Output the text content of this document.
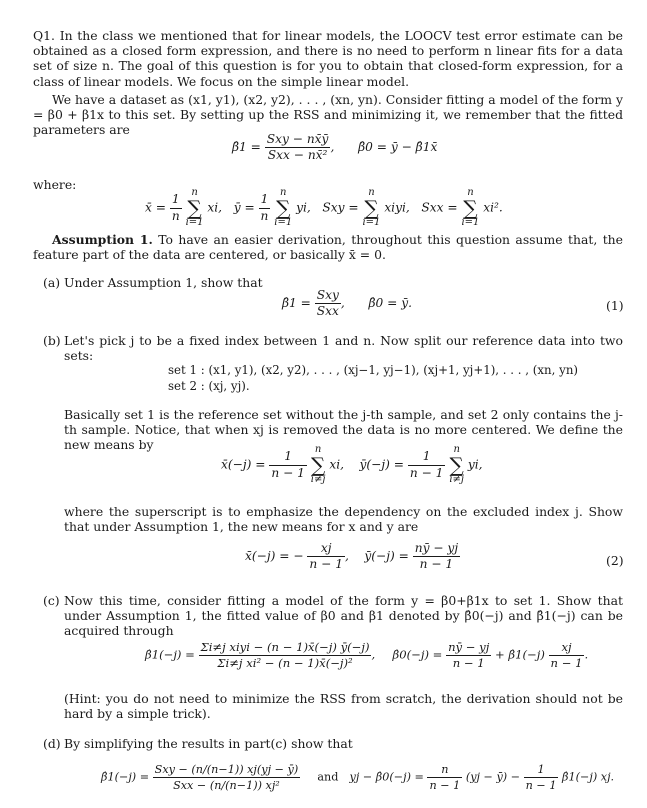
Q1. In the class we mentioned that for linear models, the LOOCV test error estimate can be obtained as a closed form expression, and there is no need to perform n linear fits for a data set of size n. The goal of this question is for you to obtain that closed-form expression, for a class of linear models. We focus on the simple linear model.
We have a dataset as (x1, y1), (x2, y2), . . . , (xn, yn). Consider fitting a model of the form y = β0 + β1x to this set. By setting up the RSS and minimizing it, we remember that the fitted parameters are
β̂1 = $\frac{\text{Sxy − nx̄ȳ}}{\text{Sxx − nx̄²}}$ ,  β̂0 = ȳ − β̂1x̄
where:
x̄ = $\frac{1}{n}$ n
∑
i=1 xi, ȳ = $\frac{1}{n}$ n
∑
i=1 yi, Sxy = n
∑
i=1 xiyi, Sxx = n
∑
i=1 xi².
Assumption 1. To have an easier derivation, throughout this question assume that, the feature part of the data are centered, or basically x̄ = 0.
(a) Under Assumption 1, show that
β̂1 = $\frac{\text{Sxy}}{\text{Sxx}}$ ,  β̂0 = ȳ.	(1)
(b) Let's pick j to be a fixed index between 1 and n. Now split our reference data into two sets:
set 1 : (x1, y1), (x2, y2), . . . , (xj−1, yj−1), (xj+1, yj+1), . . . , (xn, yn)
set 2 : (xj, yj).
Basically set 1 is the reference set without the j-th sample, and set 2 only contains the j-th sample. Notice, that when xj is removed the data is no more centered. We define the new means by
x̄(−j) = $\frac{1}{n - 1}$ n
∑
i≠j xi, ȳ(−j) = $\frac{1}{n - 1}$ n
∑
i≠j yi,
where the superscript is to emphasize the dependency on the excluded index j. Show that under Assumption 1, the new means for x and y are
x̄(−j) = − $\frac{xj}{n - 1}$ ,    ȳ(−j) = $\frac{nȳ - yj}{n - 1}$	(2)
(c) Now this time, consider fitting a model of the form y = β0+β1x to set 1. Show that under Assumption 1, the fitted value of β0 and β1 denoted by β̂0(−j) and β̂1(−j) can be acquired through
β̂1(−j) = $\frac{\text{Σi≠j xiyi − (n − 1)x̄(−j) ȳ(−j)}}{\text{Σi≠j xi² − (n − 1)x̄(−j)²}}$ ,  β̂0(−j) = $\frac{nȳ - yj}{n - 1}$ + β̂1(−j) $\frac{xj}{n - 1}$ .
(Hint: you do not need to minimize the RSS from scratch, the derivation should not be hard by a simple trick).
(d) By simplifying the results in part(c) show that
β̂1(−j) = $\frac{\text{Sxy − (n/(n−1)) xj(yj − ȳ)}}{\text{Sxx − (n/(n−1)) xj²}}$ and yj − β̂0(−j) = $\frac{n}{n - 1} (yj$ − ȳ) − $\frac{1}{n - 1}$ β̂1(−j) xj.
